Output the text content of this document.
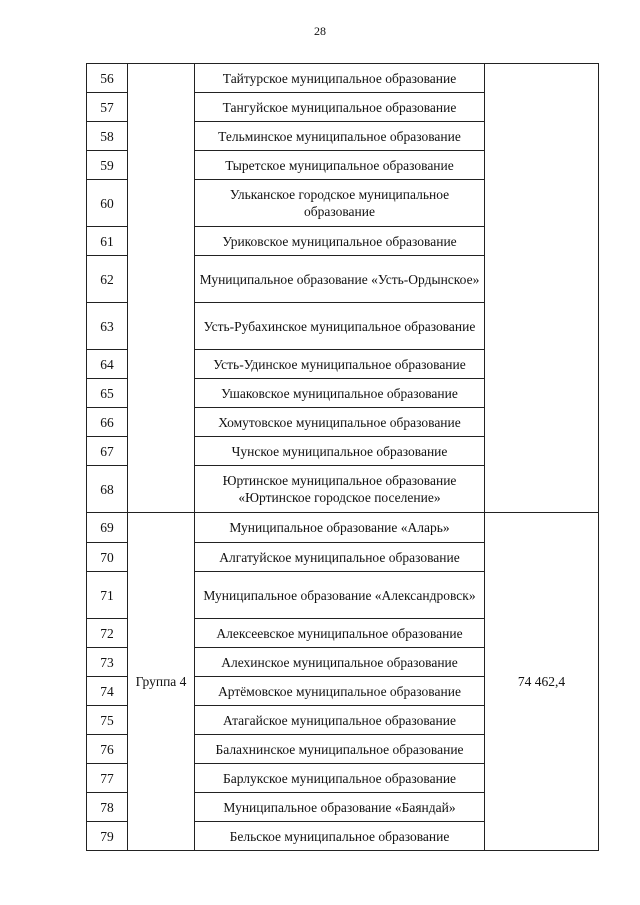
28
56		Тайтурское муниципальное образование	
57		Тангуйское муниципальное образование	
58		Тельминское муниципальное образование	
59		Тыретское муниципальное образование	
60		Ульканское городское муниципальное образование	
61		Уриковское муниципальное образование	
62		Муниципальное образование «Усть-Ордынское»	
63		Усть-Рубахинское муниципальное образование	
64		Усть-Удинское муниципальное образование	
65		Ушаковское муниципальное образование	
66		Хомутовское муниципальное образование	
67		Чунское муниципальное образование	
68		Юртинское муниципальное образование «Юртинское городское поселение»	
69	Группа 4	Муниципальное образование «Аларь»	74 462,4
70		Алгатуйское муниципальное образование	
71		Муниципальное образование «Александровск»	
72		Алексеевское муниципальное образование	
73		Алехинское муниципальное образование	
74		Артёмовское муниципальное образование	
75		Атагайское муниципальное образование	
76		Балахнинское муниципальное образование	
77		Барлукское муниципальное образование	
78		Муниципальное образование «Баяндай»	
79		Бельское муниципальное образование	
